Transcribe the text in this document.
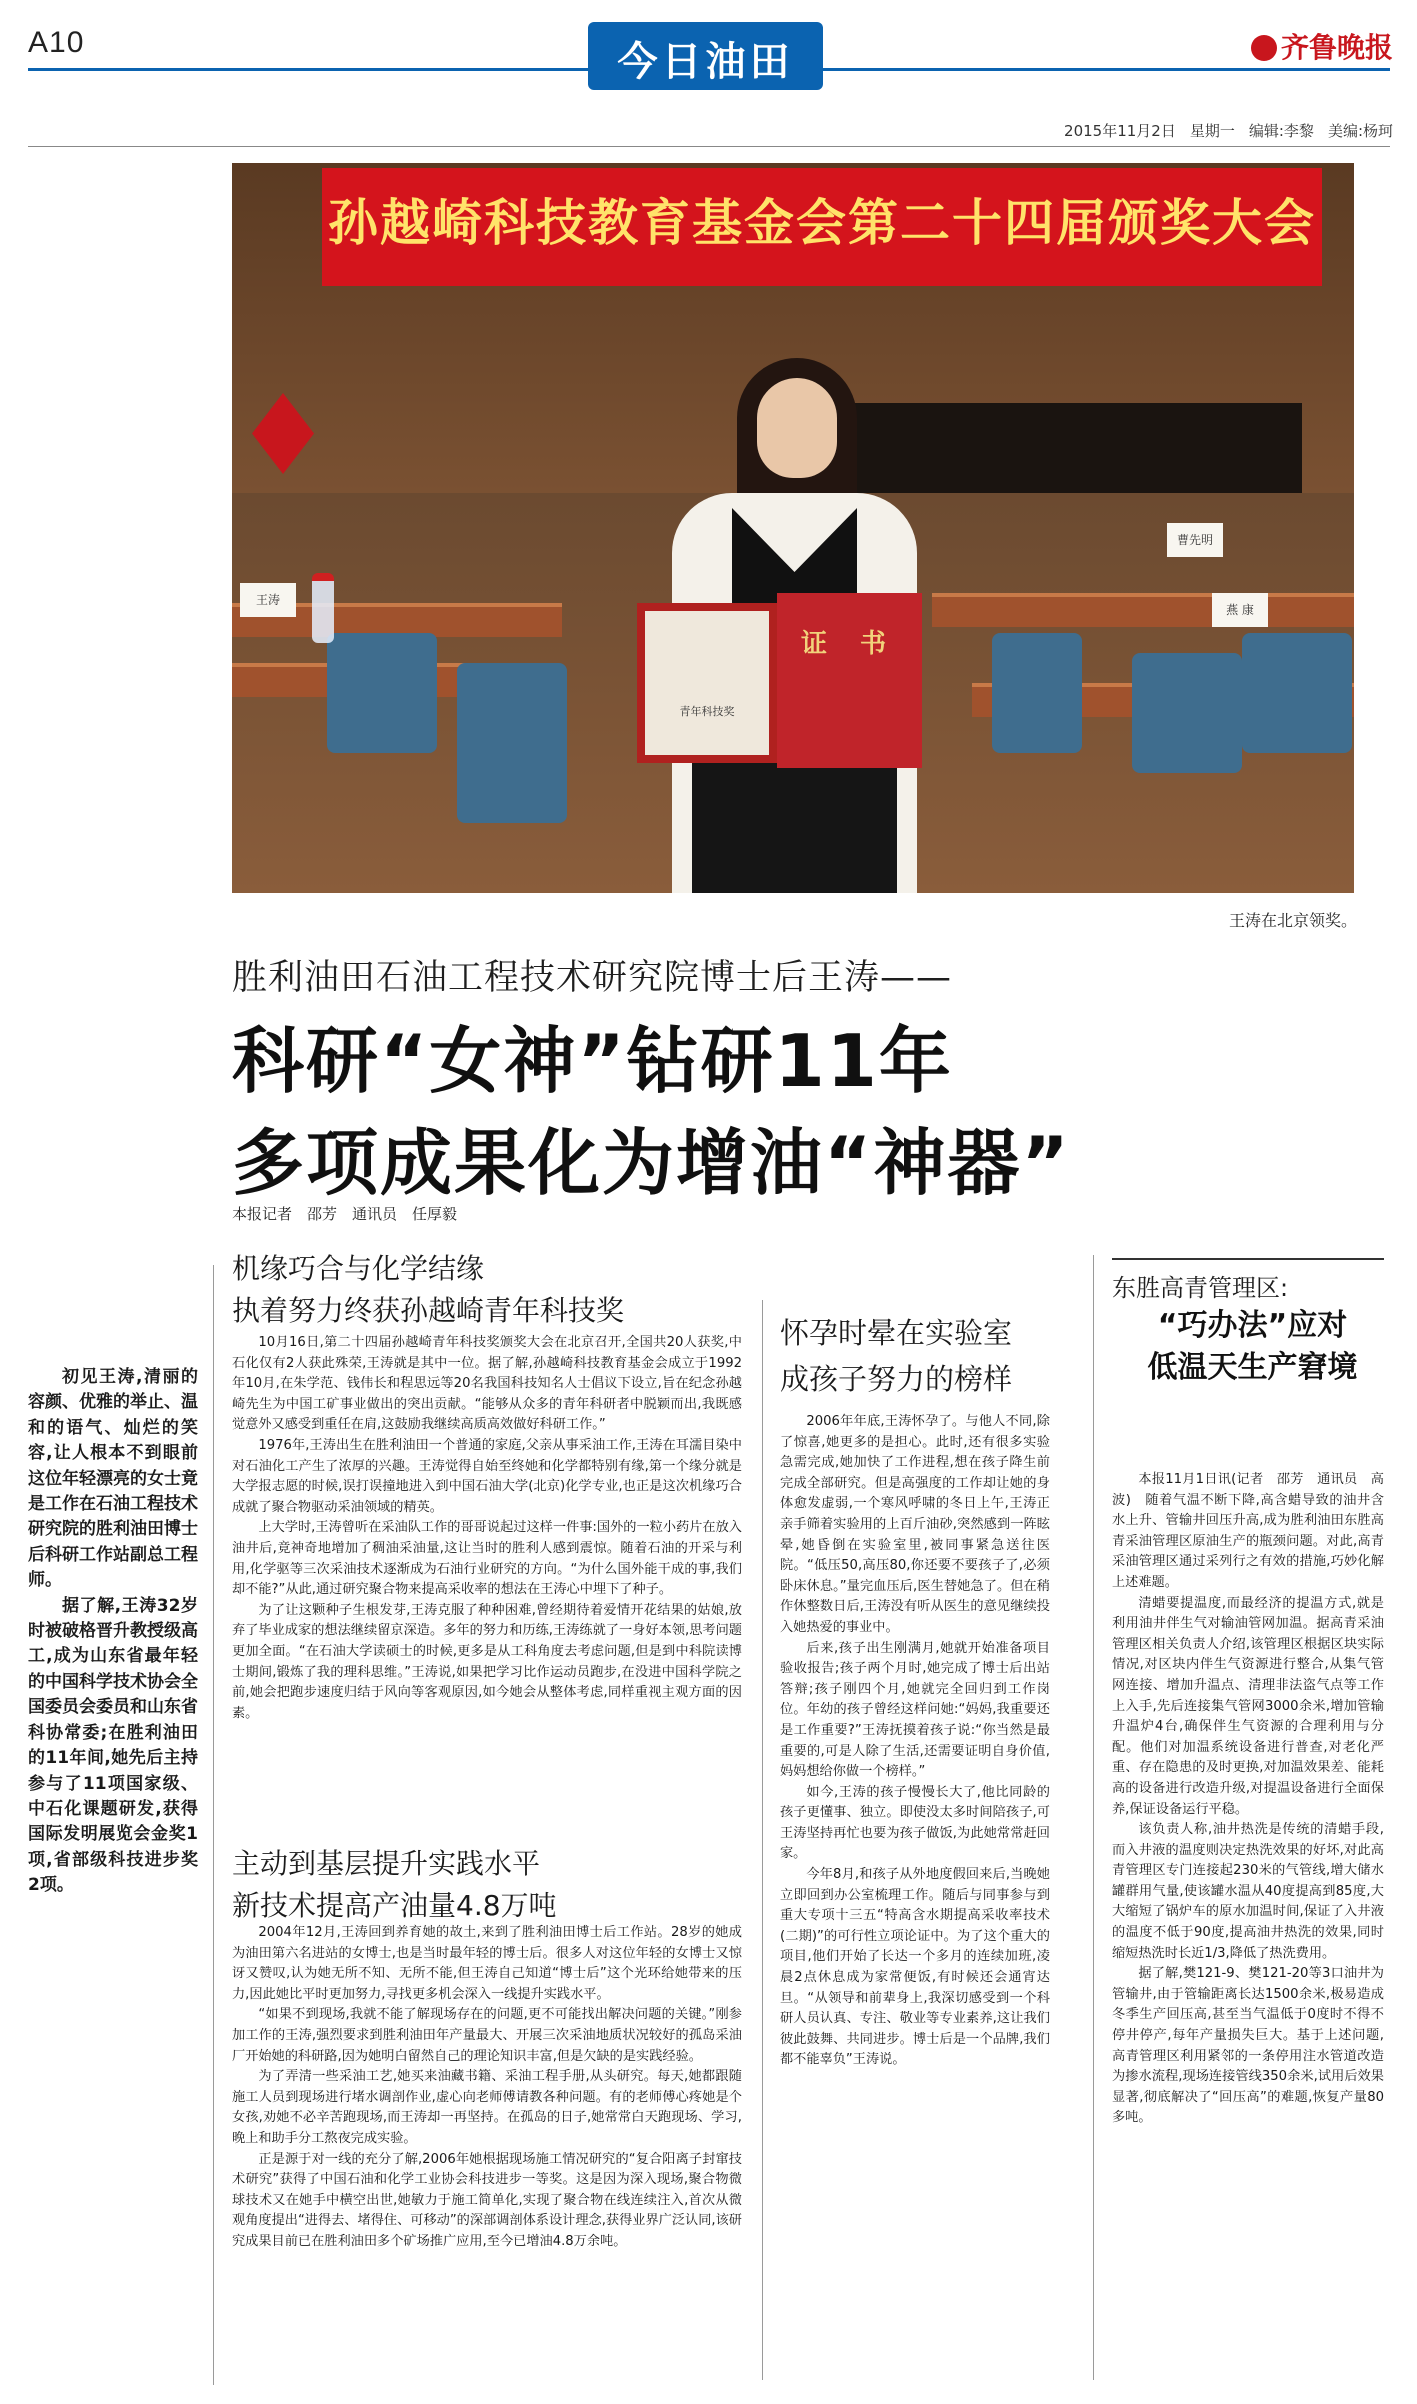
A10	今日油田	齐鲁晚报
2015年11月2日 星期一 编辑:李黎 美编:杨珂
孙越崎科技教育基金会第二十四届颁奖大会
王涛
燕 康
曹先明
青年科技奖
证 书
王涛在北京领奖。
胜利油田石油工程技术研究院博士后王涛——
科研“女神”钻研11年
多项成果化为增油“神器”
本报记者　邵芳　通讯员　任厚毅

初见王涛,清丽的容颜、优雅的举止、温和的语气、灿烂的笑容,让人根本不到眼前这位年轻漂亮的女士竟是工作在石油工程技术研究院的胜利油田博士后科研工作站副总工程师。

据了解,王涛32岁时被破格晋升教授级高工,成为山东省最年轻的中国科学技术协会全国委员会委员和山东省科协常委;在胜利油田的11年间,她先后主持参与了11项国家级、中石化课题研发,获得国际发明展览会金奖1项,省部级科技进步奖2项。

机缘巧合与化学结缘
执着努力终获孙越崎青年科技奖

10月16日,第二十四届孙越崎青年科技奖颁奖大会在北京召开,全国共20人获奖,中石化仅有2人获此殊荣,王涛就是其中一位。据了解,孙越崎科技教育基金会成立于1992年10月,在朱学范、钱伟长和程思远等20名我国科技知名人士倡议下设立,旨在纪念孙越崎先生为中国工矿事业做出的突出贡献。“能够从众多的青年科研者中脱颖而出,我既感觉意外又感受到重任在肩,这鼓励我继续高质高效做好科研工作。”

1976年,王涛出生在胜利油田一个普通的家庭,父亲从事采油工作,王涛在耳濡目染中对石油化工产生了浓厚的兴趣。王涛觉得自始至终她和化学都特别有缘,第一个缘分就是大学报志愿的时候,误打误撞地进入到中国石油大学(北京)化学专业,也正是这次机缘巧合成就了聚合物驱动采油领域的精英。

上大学时,王涛曾听在采油队工作的哥哥说起过这样一件事:国外的一粒小药片在放入油井后,竟神奇地增加了稠油采油量,这让当时的胜利人感到震惊。随着石油的开采与利用,化学驱等三次采油技术逐渐成为石油行业研究的方向。“为什么国外能干成的事,我们却不能?”从此,通过研究聚合物来提高采收率的想法在王涛心中埋下了种子。

为了让这颗种子生根发芽,王涛克服了种种困难,曾经期待着爱情开花结果的姑娘,放弃了毕业成家的想法继续留京深造。多年的努力和历练,王涛练就了一身好本领,思考问题更加全面。“在石油大学读硕士的时候,更多是从工科角度去考虑问题,但是到中科院读博士期间,锻炼了我的理科思维。”王涛说,如果把学习比作运动员跑步,在没进中国科学院之前,她会把跑步速度归结于风向等客观原因,如今她会从整体考虑,同样重视主观方面的因素。

主动到基层提升实践水平
新技术提高产油量4.8万吨

2004年12月,王涛回到养育她的故土,来到了胜利油田博士后工作站。28岁的她成为油田第六名进站的女博士,也是当时最年轻的博士后。很多人对这位年轻的女博士又惊讶又赞叹,认为她无所不知、无所不能,但王涛自己知道“博士后”这个光环给她带来的压力,因此她比平时更加努力,寻找更多机会深入一线提升实践水平。

“如果不到现场,我就不能了解现场存在的问题,更不可能找出解决问题的关键。”刚参加工作的王涛,强烈要求到胜利油田年产量最大、开展三次采油地质状况较好的孤岛采油厂开始她的科研路,因为她明白留然自己的理论知识丰富,但是欠缺的是实践经验。

为了弄清一些采油工艺,她买来油藏书籍、采油工程手册,从头研究。每天,她都跟随施工人员到现场进行堵水调剖作业,虚心向老师傅请教各种问题。有的老师傅心疼她是个女孩,劝她不必辛苦跑现场,而王涛却一再坚持。在孤岛的日子,她常常白天跑现场、学习,晚上和助手分工熬夜完成实验。

正是源于对一线的充分了解,2006年她根据现场施工情况研究的“复合阳离子封窜技术研究”获得了中国石油和化学工业协会科技进步一等奖。这是因为深入现场,聚合物微球技术又在她手中横空出世,她敏力于施工简单化,实现了聚合物在线连续注入,首次从微观角度提出“进得去、堵得住、可移动”的深部调剖体系设计理念,获得业界广泛认同,该研究成果目前已在胜利油田多个矿场推广应用,至今已增油4.8万余吨。

怀孕时晕在实验室
成孩子努力的榜样

2006年年底,王涛怀孕了。与他人不同,除了惊喜,她更多的是担心。此时,还有很多实验急需完成,她加快了工作进程,想在孩子降生前完成全部研究。但是高强度的工作却让她的身体愈发虚弱,一个寒风呼啸的冬日上午,王涛正亲手筛着实验用的上百斤油砂,突然感到一阵眩晕,她昏倒在实验室里,被同事紧急送往医院。“低压50,高压80,你还要不要孩子了,必须卧床休息。”量完血压后,医生替她急了。但在稍作休整数日后,王涛没有听从医生的意见继续投入她热爱的事业中。

后来,孩子出生刚满月,她就开始准备项目验收报告;孩子两个月时,她完成了博士后出站答辩;孩子刚四个月,她就完全回归到工作岗位。年幼的孩子曾经这样问她:“妈妈,我重要还是工作重要?”王涛抚摸着孩子说:“你当然是最重要的,可是人除了生活,还需要证明自身价值,妈妈想给你做一个榜样。”

如今,王涛的孩子慢慢长大了,他比同龄的孩子更懂事、独立。即使没太多时间陪孩子,可王涛坚持再忙也要为孩子做饭,为此她常常赶回家。

今年8月,和孩子从外地度假回来后,当晚她立即回到办公室梳理工作。随后与同事参与到重大专项十三五“特高含水期提高采收率技术(二期)”的可行性立项论证中。为了这个重大的项目,他们开始了长达一个多月的连续加班,凌晨2点休息成为家常便饭,有时候还会通宵达旦。“从领导和前辈身上,我深切感受到一个科研人员认真、专注、敬业等专业素养,这让我们彼此鼓舞、共同进步。博士后是一个品牌,我们都不能辜负”王涛说。

东胜高青管理区:
“巧办法”应对
低温天生产窘境

本报11月1日讯(记者　邵芳　通讯员　高波)　随着气温不断下降,高含蜡导致的油井含水上升、管输井回压升高,成为胜利油田东胜高青采油管理区原油生产的瓶颈问题。对此,高青采油管理区通过采列行之有效的措施,巧妙化解上述难题。

清蜡要提温度,而最经济的提温方式,就是利用油井伴生气对输油管网加温。据高青采油管理区相关负责人介绍,该管理区根据区块实际情况,对区块内伴生气资源进行整合,从集气管网连接、增加升温点、清理非法盗气点等工作上入手,先后连接集气管网3000余米,增加管输升温炉4台,确保伴生气资源的合理利用与分配。他们对加温系统设备进行普查,对老化严重、存在隐患的及时更换,对加温效果差、能耗高的设备进行改造升级,对提温设备进行全面保养,保证设备运行平稳。

该负责人称,油井热洗是传统的清蜡手段,而入井液的温度则决定热洗效果的好坏,对此高青管理区专门连接起230米的气管线,增大储水罐群用气量,使该罐水温从40度提高到85度,大大缩短了锅炉车的原水加温时间,保证了入井液的温度不低于90度,提高油井热洗的效果,同时缩短热洗时长近1/3,降低了热洗费用。

据了解,樊121-9、樊121-20等3口油井为管输井,由于管输距离长达1500余米,极易造成冬季生产回压高,甚至当气温低于0度时不得不停井停产,每年产量损失巨大。基于上述问题,高青管理区利用紧邻的一条停用注水管道改造为掺水流程,现场连接管线350余米,试用后效果显著,彻底解决了“回压高”的难题,恢复产量80多吨。
